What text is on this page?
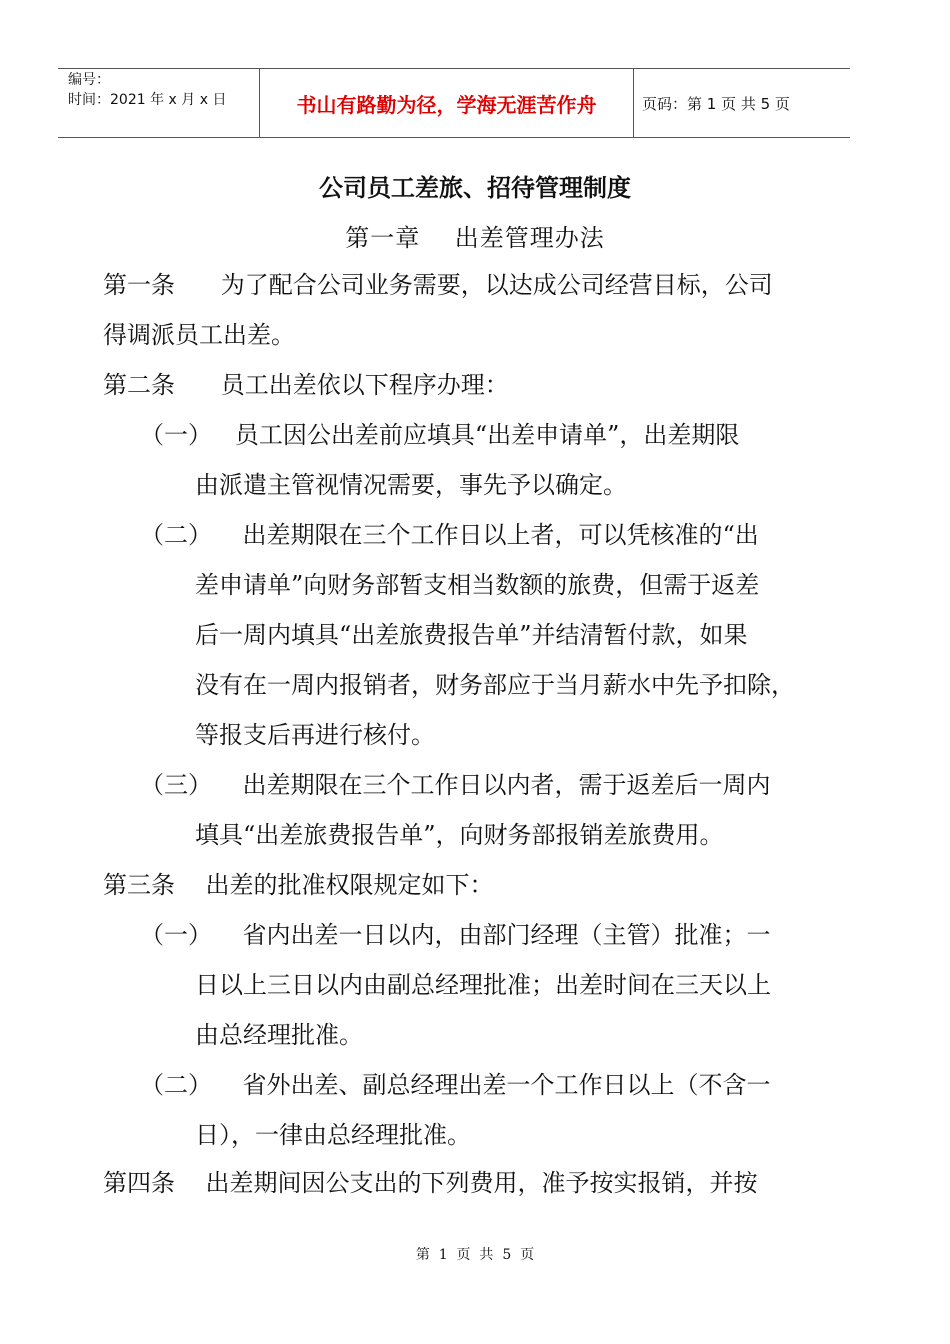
编号：
时间：2021 年 x 月 x 日	书山有路勤为径，学海无涯苦作舟	页码：第 1 页 共 5 页
公司员工差旅、招待管理制度
第一章    出差管理办法
第一条      为了配合公司业务需要，以达成公司经营目标，公司
得调派员工出差。
第二条      员工出差依以下程序办理：
（一）   员工因公出差前应填具“出差申请单”，出差期限
由派遣主管视情况需要，事先予以确定。
（二）    出差期限在三个工作日以上者，可以凭核准的“出
差申请单”向财务部暂支相当数额的旅费，但需于返差
后一周内填具“出差旅费报告单”并结清暂付款，如果
没有在一周内报销者，财务部应于当月薪水中先予扣除，
等报支后再进行核付。
（三）    出差期限在三个工作日以内者，需于返差后一周内
填具“出差旅费报告单”，向财务部报销差旅费用。
第三条    出差的批准权限规定如下：
（一）    省内出差一日以内，由部门经理（主管）批准；一
日以上三日以内由副总经理批准；出差时间在三天以上
由总经理批准。
（二）    省外出差、副总经理出差一个工作日以上（不含一
日），一律由总经理批准。
第四条    出差期间因公支出的下列费用，准予按实报销，并按
第  1  页  共  5  页
